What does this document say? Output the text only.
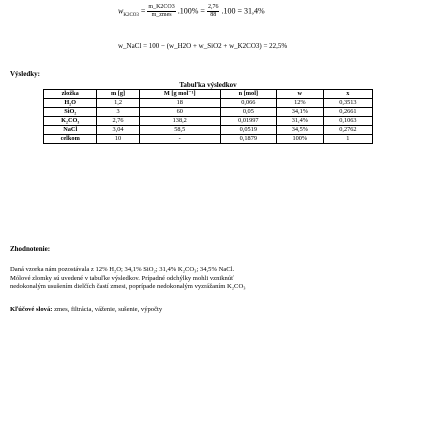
$w_{K2CO3} = \frac{m\_K2CO3}{\text{m\_zmes}} .100\% = \frac{2,76}{88} .100 = 31,4\%$
w_NaCl = 100 − (w_H2O + w_SiO2 + w_K2CO3) = 22,5%
Výsledky:
Tabuľka výsledkov
zložka	m [g]	M [g mol⁻¹]	n [mol]	w	x
H₂O	1,2	18	0,066	12%	0,3513
SiO₂	3	60	0,05	34,1%	0,2661
K₂CO₃	2,76	138,2	0,01997	31,4%	0,1063
NaCl	3,04	58,5	0,0519	34,5%	0,2762
celkom	10	-	0,1879	100%	1
Zhodnotenie:
Daná vzorka nám pozostávala z 12% H₂O; 34,1% SiO₂; 31,4% K₂CO₃; 34,5% NaCl.
Mólové zlomky sú uvedené v tabuľke výsledkov. Prípadné odchýlky mohli vzniknúť
nedokonalým usušením dielčích častí zmesi, poprípade nedokonalým vyzrážaním K₂CO₃
Kľúčové slová: zmes, filtrácia, váženie, sušenie, výpočty
